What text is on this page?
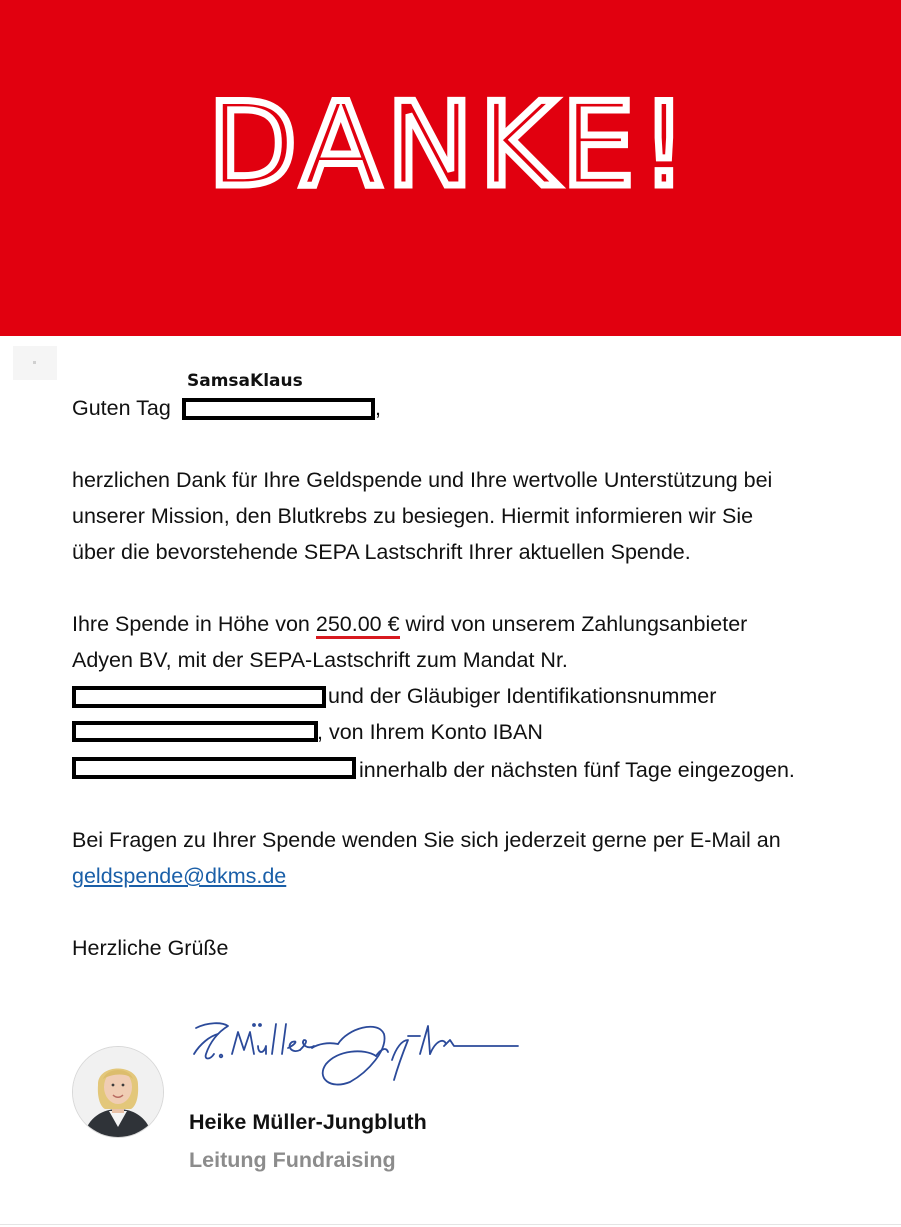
DANKE!
SamsaKlaus
Guten Tag	,
herzlichen Dank für Ihre Geldspende und Ihre wertvolle Unterstützung bei
unserer Mission, den Blutkrebs zu besiegen. Hiermit informieren wir Sie
über die bevorstehende SEPA Lastschrift Ihrer aktuellen Spende.
Ihre Spende in Höhe von 250.00 € wird von unserem Zahlungsanbieter
Adyen BV, mit der SEPA-Lastschrift zum Mandat Nr.
und der Gläubiger Identifikationsnummer
, von Ihrem Konto IBAN
innerhalb der nächsten fünf Tage eingezogen.
Bei Fragen zu Ihrer Spende wenden Sie sich jederzeit gerne per E-Mail an
geldspende@dkms.de
Herzliche Grüße
Heike Müller-Jungbluth
Leitung Fundraising
